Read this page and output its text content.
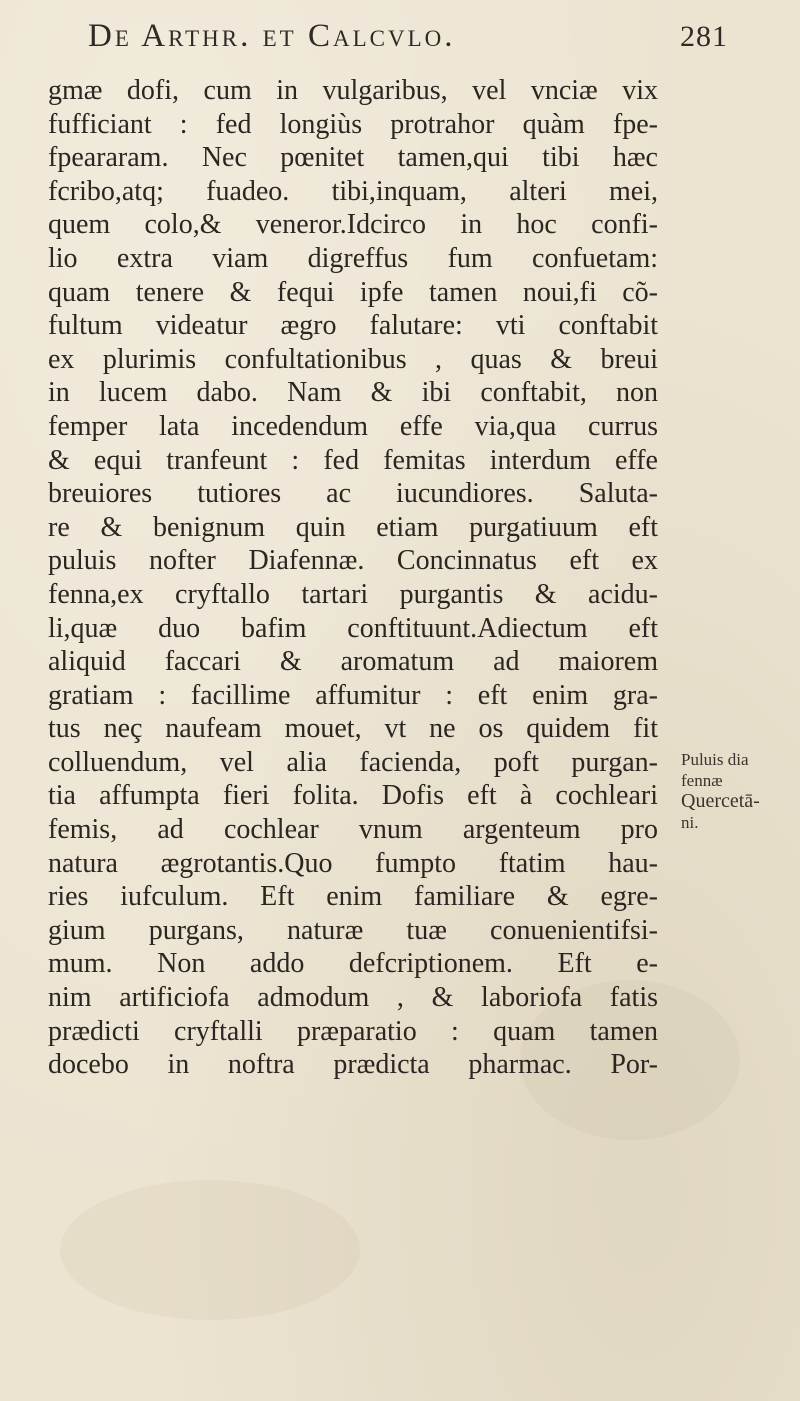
De Arthr. et Calcvlo.	281
gmæ dofi, cum in vulgaribus, vel vnciæ vix
fufficiant : fed longiùs protrahor quàm fpe-
fpeararam. Nec pœnitet tamen,qui tibi hæc
fcribo,atq; fuadeo. tibi,inquam, alteri mei,
quem colo,& veneror.Idcirco in hoc confi-
lio extra viam digreffus fum confuetam:
quam tenere & fequi ipfe tamen noui,fi cõ-
fultum videatur ægro falutare: vti conftabit
ex plurimis confultationibus , quas & breui
in lucem dabo. Nam & ibi conftabit, non
femper lata incedendum effe via,qua currus
& equi tranfeunt : fed femitas interdum effe
breuiores tutiores ac iucundiores. Saluta-
re & benignum quin etiam purgatiuum eft
puluis nofter Diafennæ. Concinnatus eft ex
fenna,ex cryftallo tartari purgantis & acidu-
li,quæ duo bafim conftituunt.Adiectum eft
aliquid faccari & aromatum ad maiorem
gratiam : facillime affumitur : eft enim gra-
tus neç naufeam mouet, vt ne os quidem fit
colluendum, vel alia facienda, poft purgan-
tia affumpta fieri folita. Dofis eft à cochleari
femis, ad cochlear vnum argenteum pro
natura ægrotantis.Quo fumpto ftatim hau-
ries iufculum. Eft enim familiare & egre-
gium purgans, naturæ tuæ conuenientifsi-
mum. Non addo defcriptionem. Eft e-
nim artificiofa admodum , & laboriofa fatis
prædicti cryftalli præparatio : quam tamen
docebo in noftra prædicta pharmac. Por-
Puluis dia
fennæ
Quercetā-
ni.
